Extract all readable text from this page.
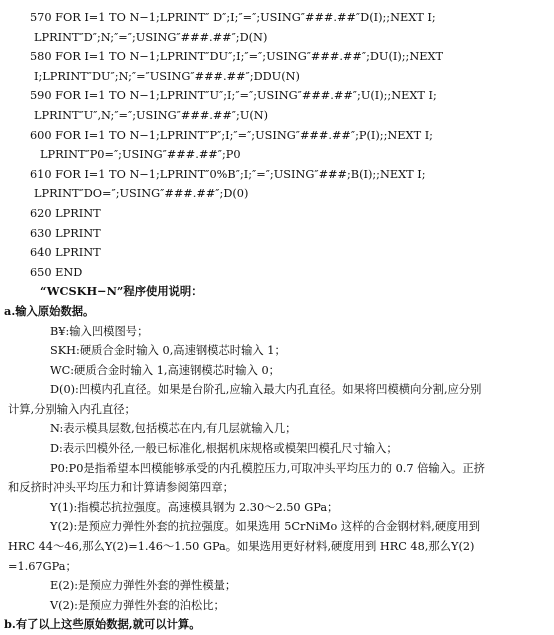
570 FOR I=1 TO N−1;LPRINT″ D″;I;″=″;USING″###.##″D(I);;NEXT I;
LPRINT″D″;N;″=″;USING″###.##″;D(N)
580 FOR I=1 TO N−1;LPRINT″DU″;I;″=″;USING″###.##″;DU(I);;NEXT
I;LPRINT″DU″;N;″=″USING″###.##″;DDU(N)
590 FOR I=1 TO N−1;LPRINT″U″;I;″=″;USING″###.##″;U(I);;NEXT I;
LPRINT″U″,N;″=″;USING″###.##″;U(N)
600 FOR I=1 TO N−1;LPRINT″P″;I;″=″;USING″###.##″;P(I);;NEXT I;
LPRINT″P0=″;USING″###.##″;P0
610 FOR I=1 TO N−1;LPRINT″0%B″;I;″=″;USING″###;B(I);;NEXT I;
LPRINT″DO=″;USING″###.##″;D(0)
620 LPRINT
630 LPRINT
640 LPRINT
650 END
“WCSKH−N”程序使用说明：
a.输入原始数据。
B¥:输入凹模图号；
SKH:硬质合金时输入 0,高速钢模芯时输入 1；
WC:硬质合金时输入 1,高速钢模芯时输入 0；
D(0):凹模内孔直径。如果是台阶孔,应输入最大内孔直径。如果将凹模横向分割,应分别
计算,分别输入内孔直径；
N:表示模具层数,包括模芯在内,有几层就输入几；
D:表示凹模外径,一般已标准化,根据机床规格或模架凹模孔尺寸输入；
P0:P0是指希望本凹模能够承受的内孔模腔压力,可取冲头平均压力的 0.7 倍输入。正挤
和反挤时冲头平均压力和计算请参阅第四章；
Y(1):指模芯抗拉强度。高速模具钢为 2.30～2.50 GPa；
Y(2):是预应力弹性外套的抗拉强度。如果选用 5CrNiMo 这样的合金钢材料,硬度用到
HRC 44～46,那么Y(2)=1.46～1.50 GPa。如果选用更好材料,硬度用到 HRC 48,那么Y(2)
=1.67GPa；
E(2):是预应力弹性外套的弹性模量；
V(2):是预应力弹性外套的泊松比；
b.有了以上这些原始数据,就可以计算。
